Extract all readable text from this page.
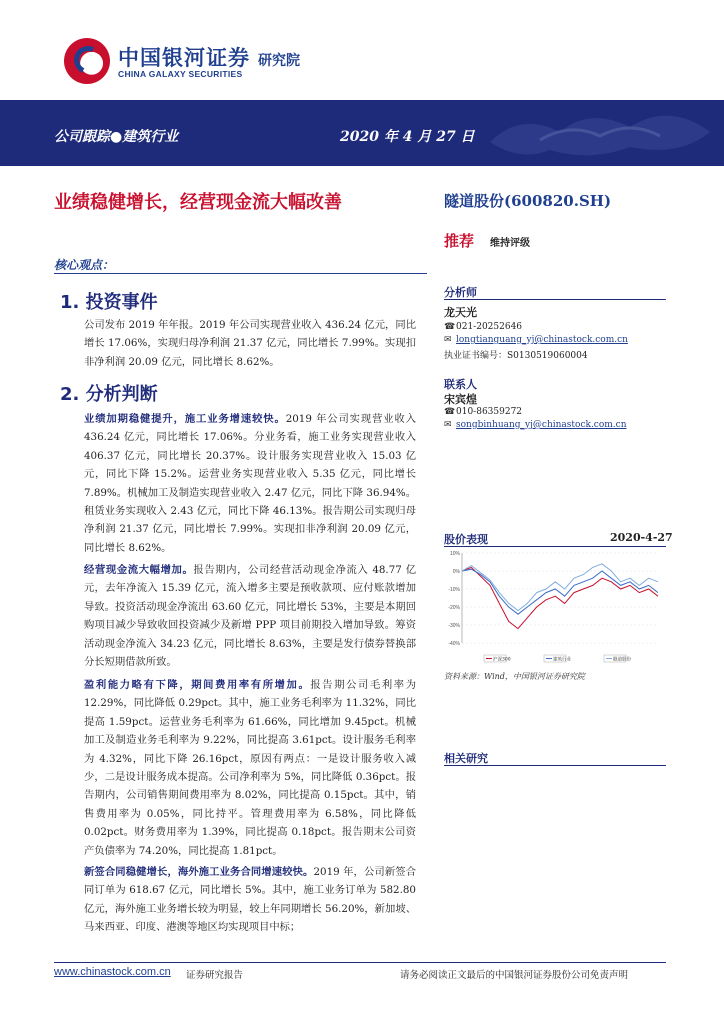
中国银河证券
CHINA GALAXY SECURITIES
研究院
公司跟踪●建筑行业	2020 年 4 月 27 日
业绩稳健增长，经营现金流大幅改善	隧道股份(600820.SH)
推荐 维持评级
核心观点：
1. 投资事件
公司发布 2019 年年报。2019 年公司实现营业收入 436.24 亿元，同比增长 17.06%，实现归母净利润 21.37 亿元，同比增长 7.99%。实现扣非净利润 20.09 亿元，同比增长 8.62%。
2. 分析判断
业绩加期稳健提升，施工业务增速较快。2019 年公司实现营业收入 436.24 亿元，同比增长 17.06%。分业务看，施工业务实现营业收入 406.37 亿元，同比增长 20.37%。设计服务实现营业收入 15.03 亿元，同比下降 15.2%。运营业务实现营业收入 5.35 亿元，同比增长 7.89%。机械加工及制造实现营业收入 2.47 亿元，同比下降 36.94%。租赁业务实现收入 2.43 亿元，同比下降 46.13%。报告期公司实现归母净利润 21.37 亿元，同比增长 7.99%。实现扣非净利润 20.09 亿元，同比增长 8.62%。
经营现金流大幅增加。报告期内，公司经营活动现金净流入 48.77 亿元，去年净流入 15.39 亿元，流入增多主要是预收款项、应付账款增加导致。投资活动现金净流出 63.60 亿元，同比增长 53%，主要是本期回购项目减少导致收回投资减少及新增 PPP 项目前期投入增加导致。筹资活动现金净流入 34.23 亿元，同比增长 8.63%，主要是发行债券替换部分长短期借款所致。
盈利能力略有下降，期间费用率有所增加。报告期公司毛利率为 12.29%，同比降低 0.29pct。其中，施工业务毛利率为 11.32%，同比提高 1.59pct。运营业务毛利率为 61.66%，同比增加 9.45pct。机械加工及制造业务毛利率为 9.22%，同比提高 3.61pct。设计服务毛利率为 4.32%，同比下降 26.16pct，原因有两点：一是设计服务收入减少，二是设计服务成本提高。公司净利率为 5%，同比降低 0.36pct。报告期内，公司销售期间费用率为 8.02%，同比提高 0.15pct。其中，销售费用率为 0.05%，同比持平。管理费用率为 6.58%，同比降低 0.02pct。财务费用率为 1.39%，同比提高 0.18pct。报告期末公司资产负债率为 74.20%，同比提高 1.81pct。
新签合同稳健增长，海外施工业务合同增速较快。2019 年，公司新签合同订单为 618.67 亿元，同比增长 5%。其中，施工业务订单为 582.80 亿元，海外施工业务增长较为明显，较上年同期增长 56.20%，新加坡、马来西亚、印度、港澳等地区均实现项目中标；
分析师
龙天光
☎021-20252646
✉ longtianguang_yj@chinastock.com.cn
执业证书编号：S0130519060004
联系人
宋宾煌
☎010-86359272
✉ songbinhuang_yj@chinastock.com.cn
股价表现	2020-4-27
10%
0%
-10%
-20%
-30%
-40%
沪深300	建筑行业	隧道股份
资料来源：Wind，中国银河证券研究院
相关研究
www.chinastock.com.cn 证券研究报告	请务必阅读正文最后的中国银河证券股份公司免责声明
